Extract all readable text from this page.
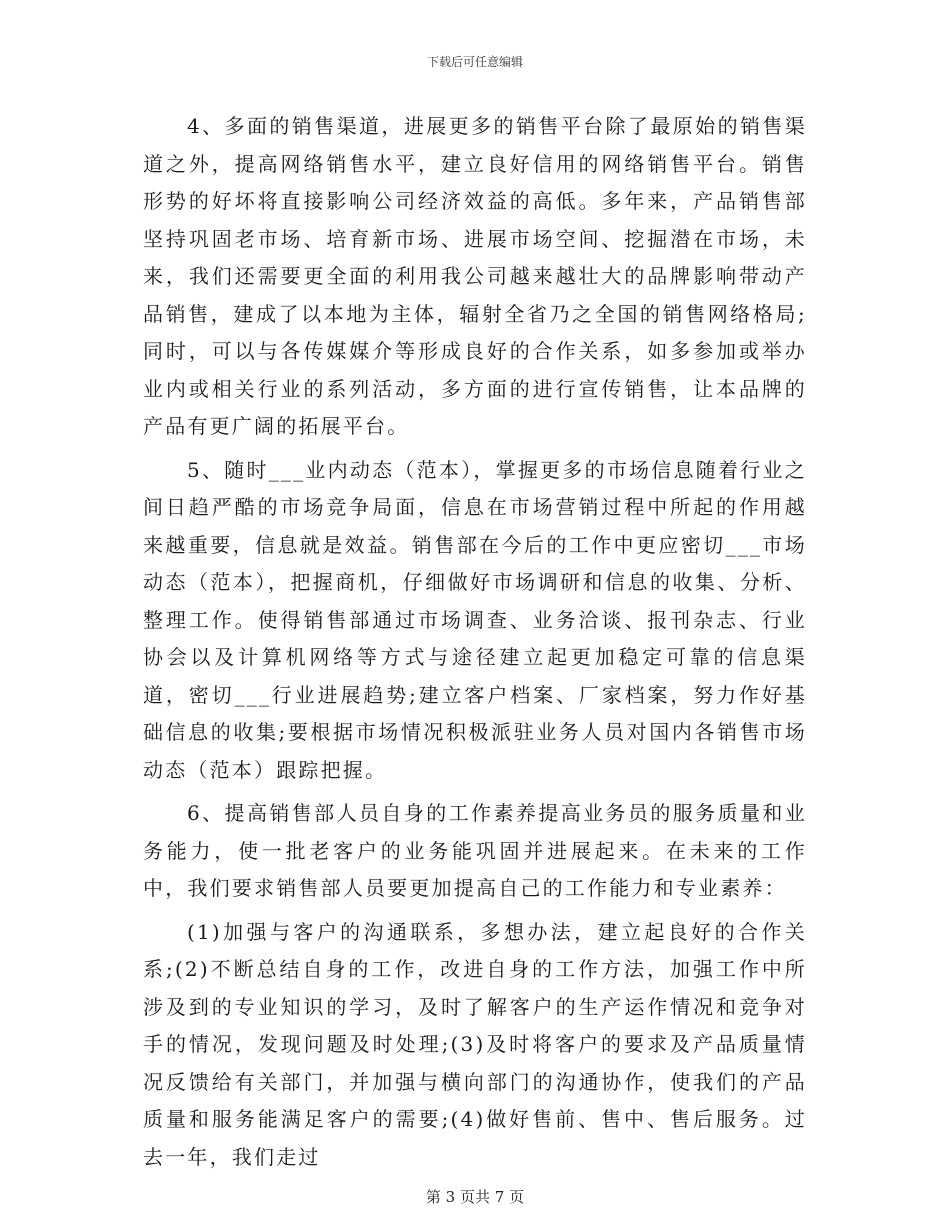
下载后可任意编辑

4、多面的销售渠道，进展更多的销售平台除了最原始的销售渠道之外，提高网络销售水平，建立良好信用的网络销售平台。销售形势的好坏将直接影响公司经济效益的高低。多年来，产品销售部坚持巩固老市场、培育新市场、进展市场空间、挖掘潜在市场，未来，我们还需要更全面的利用我公司越来越壮大的品牌影响带动产品销售，建成了以本地为主体，辐射全省乃之全国的销售网络格局;同时，可以与各传媒媒介等形成良好的合作关系，如多参加或举办业内或相关行业的系列活动，多方面的进行宣传销售，让本品牌的产品有更广阔的拓展平台。

5、随时___业内动态（范本），掌握更多的市场信息随着行业之间日趋严酷的市场竞争局面，信息在市场营销过程中所起的作用越来越重要，信息就是效益。销售部在今后的工作中更应密切___市场动态（范本），把握商机，仔细做好市场调研和信息的收集、分析、整理工作。使得销售部通过市场调查、业务洽谈、报刊杂志、行业协会以及计算机网络等方式与途径建立起更加稳定可靠的信息渠道，密切___行业进展趋势;建立客户档案、厂家档案，努力作好基础信息的收集;要根据市场情况积极派驻业务人员对国内各销售市场动态（范本）跟踪把握。

6、提高销售部人员自身的工作素养提高业务员的服务质量和业务能力，使一批老客户的业务能巩固并进展起来。在未来的工作中，我们要求销售部人员要更加提高自己的工作能力和专业素养：

(1)加强与客户的沟通联系，多想办法，建立起良好的合作关系;(2)不断总结自身的工作，改进自身的工作方法，加强工作中所涉及到的专业知识的学习，及时了解客户的生产运作情况和竞争对手的情况，发现问题及时处理;(3)及时将客户的要求及产品质量情况反馈给有关部门，并加强与横向部门的沟通协作，使我们的产品质量和服务能满足客户的需要;(4)做好售前、售中、售后服务。过去一年，我们走过

第 3 页共 7 页
